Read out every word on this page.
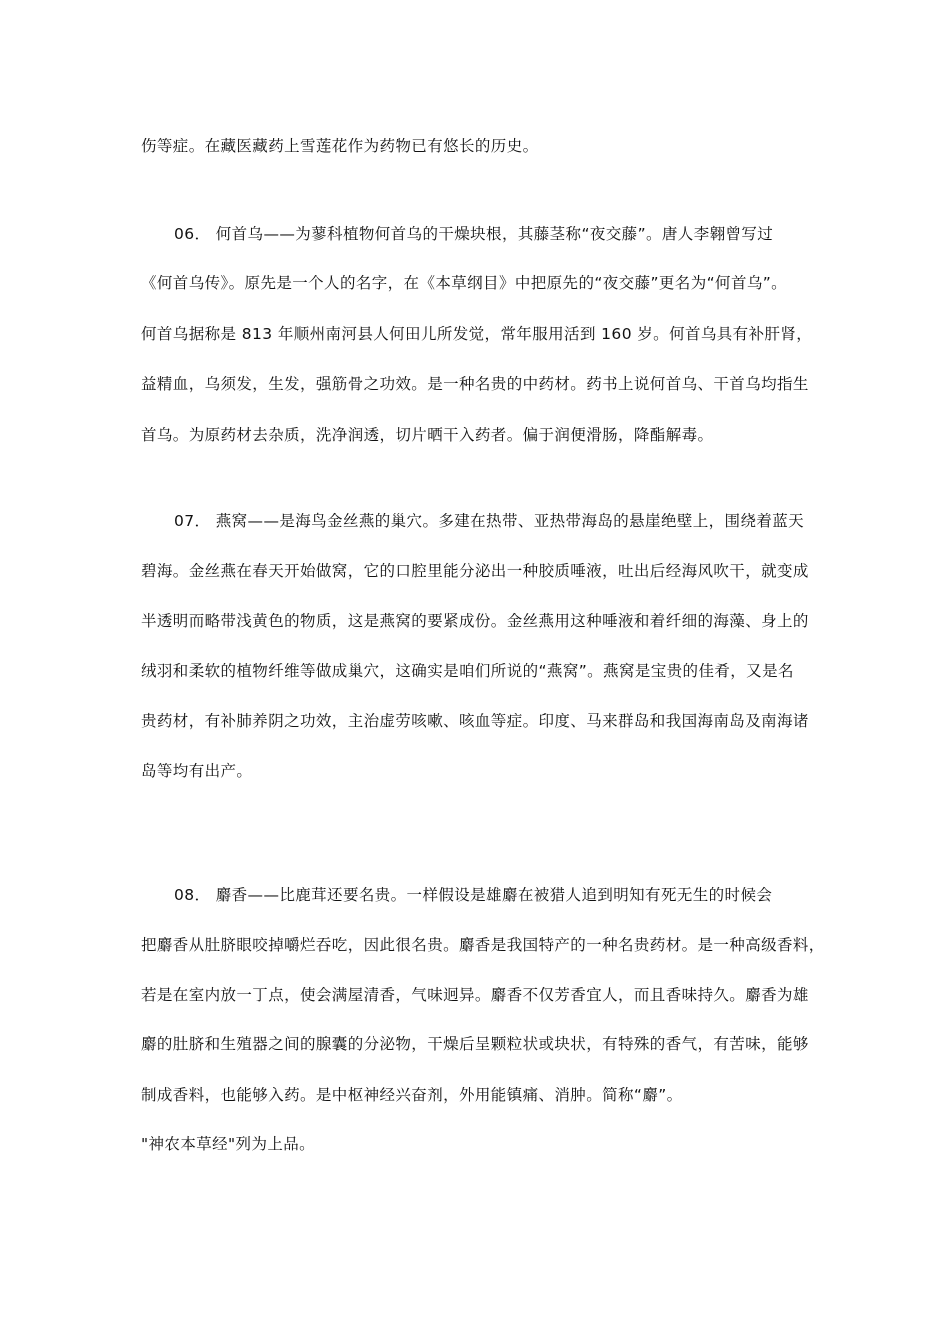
伤等症。在藏医藏药上雪莲花作为药物已有悠长的历史。

06． 何首乌——为蓼科植物何首乌的干燥块根，其藤茎称“夜交藤”。唐人李翱曾写过

《何首乌传》。原先是一个人的名字，在《本草纲目》中把原先的“夜交藤”更名为“何首乌”。

何首乌据称是 813 年顺州南河县人何田儿所发觉，常年服用活到 160 岁。何首乌具有补肝肾，

益精血，乌须发，生发，强筋骨之功效。是一种名贵的中药材。药书上说何首乌、干首乌均指生

首乌。为原药材去杂质，洗净润透，切片晒干入药者。偏于润便滑肠，降酯解毒。

07． 燕窝——是海鸟金丝燕的巢穴。多建在热带、亚热带海岛的悬崖绝壁上，围绕着蓝天

碧海。金丝燕在春天开始做窝，它的口腔里能分泌出一种胶质唾液，吐出后经海风吹干，就变成

半透明而略带浅黄色的物质，这是燕窝的要紧成份。金丝燕用这种唾液和着纤细的海藻、身上的

绒羽和柔软的植物纤维等做成巢穴，这确实是咱们所说的“燕窝”。燕窝是宝贵的佳肴，又是名

贵药材，有补肺养阴之功效，主治虚劳咳嗽、咳血等症。印度、马来群岛和我国海南岛及南海诸

岛等均有出产。

08． 麝香——比鹿茸还要名贵。一样假设是雄麝在被猎人追到明知有死无生的时候会

把麝香从肚脐眼咬掉嚼烂吞吃，因此很名贵。麝香是我国特产的一种名贵药材。是一种高级香料，

若是在室内放一丁点，使会满屋清香，气味迥异。麝香不仅芳香宜人，而且香味持久。麝香为雄

麝的肚脐和生殖器之间的腺囊的分泌物，干燥后呈颗粒状或块状，有特殊的香气，有苦味，能够

制成香料，也能够入药。是中枢神经兴奋剂，外用能镇痛、消肿。简称“麝”。

"神农本草经"列为上品。
